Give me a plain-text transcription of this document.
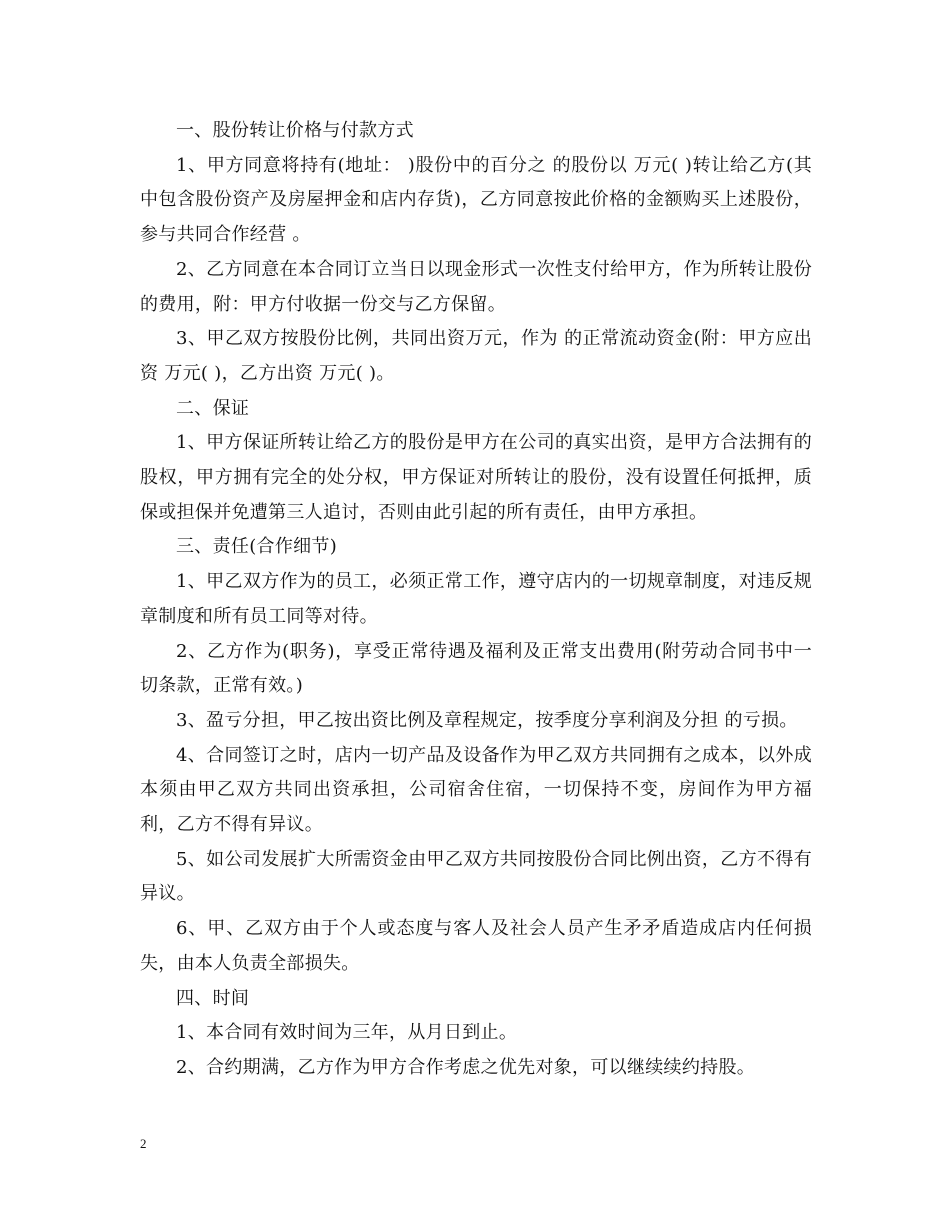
一、股份转让价格与付款方式

1、甲方同意将持有(地址： )股份中的百分之 的股份以 万元( )转让给乙方(其中包含股份资产及房屋押金和店内存货)，乙方同意按此价格的金额购买上述股份，参与共同合作经营 。

2、乙方同意在本合同订立当日以现金形式一次性支付给甲方，作为所转让股份的费用，附：甲方付收据一份交与乙方保留。

3、甲乙双方按股份比例，共同出资万元，作为 的正常流动资金(附：甲方应出资 万元( )，乙方出资 万元( )。

二、保证

1、甲方保证所转让给乙方的股份是甲方在公司的真实出资，是甲方合法拥有的股权，甲方拥有完全的处分权，甲方保证对所转让的股份，没有设置任何抵押，质保或担保并免遭第三人追讨，否则由此引起的所有责任，由甲方承担。

三、责任(合作细节)

1、甲乙双方作为的员工，必须正常工作，遵守店内的一切规章制度，对违反规章制度和所有员工同等对待。

2、乙方作为(职务)，享受正常待遇及福利及正常支出费用(附劳动合同书中一切条款，正常有效。)

3、盈亏分担，甲乙按出资比例及章程规定，按季度分享利润及分担 的亏损。

4、合同签订之时，店内一切产品及设备作为甲乙双方共同拥有之成本，以外成本须由甲乙双方共同出资承担，公司宿舍住宿，一切保持不变，房间作为甲方福利，乙方不得有异议。

5、如公司发展扩大所需资金由甲乙双方共同按股份合同比例出资，乙方不得有异议。

6、甲、乙双方由于个人或态度与客人及社会人员产生矛矛盾造成店内任何损失，由本人负责全部损失。

四、时间

1、本合同有效时间为三年，从月日到止。

2、合约期满，乙方作为甲方合作考虑之优先对象，可以继续续约持股。

2
